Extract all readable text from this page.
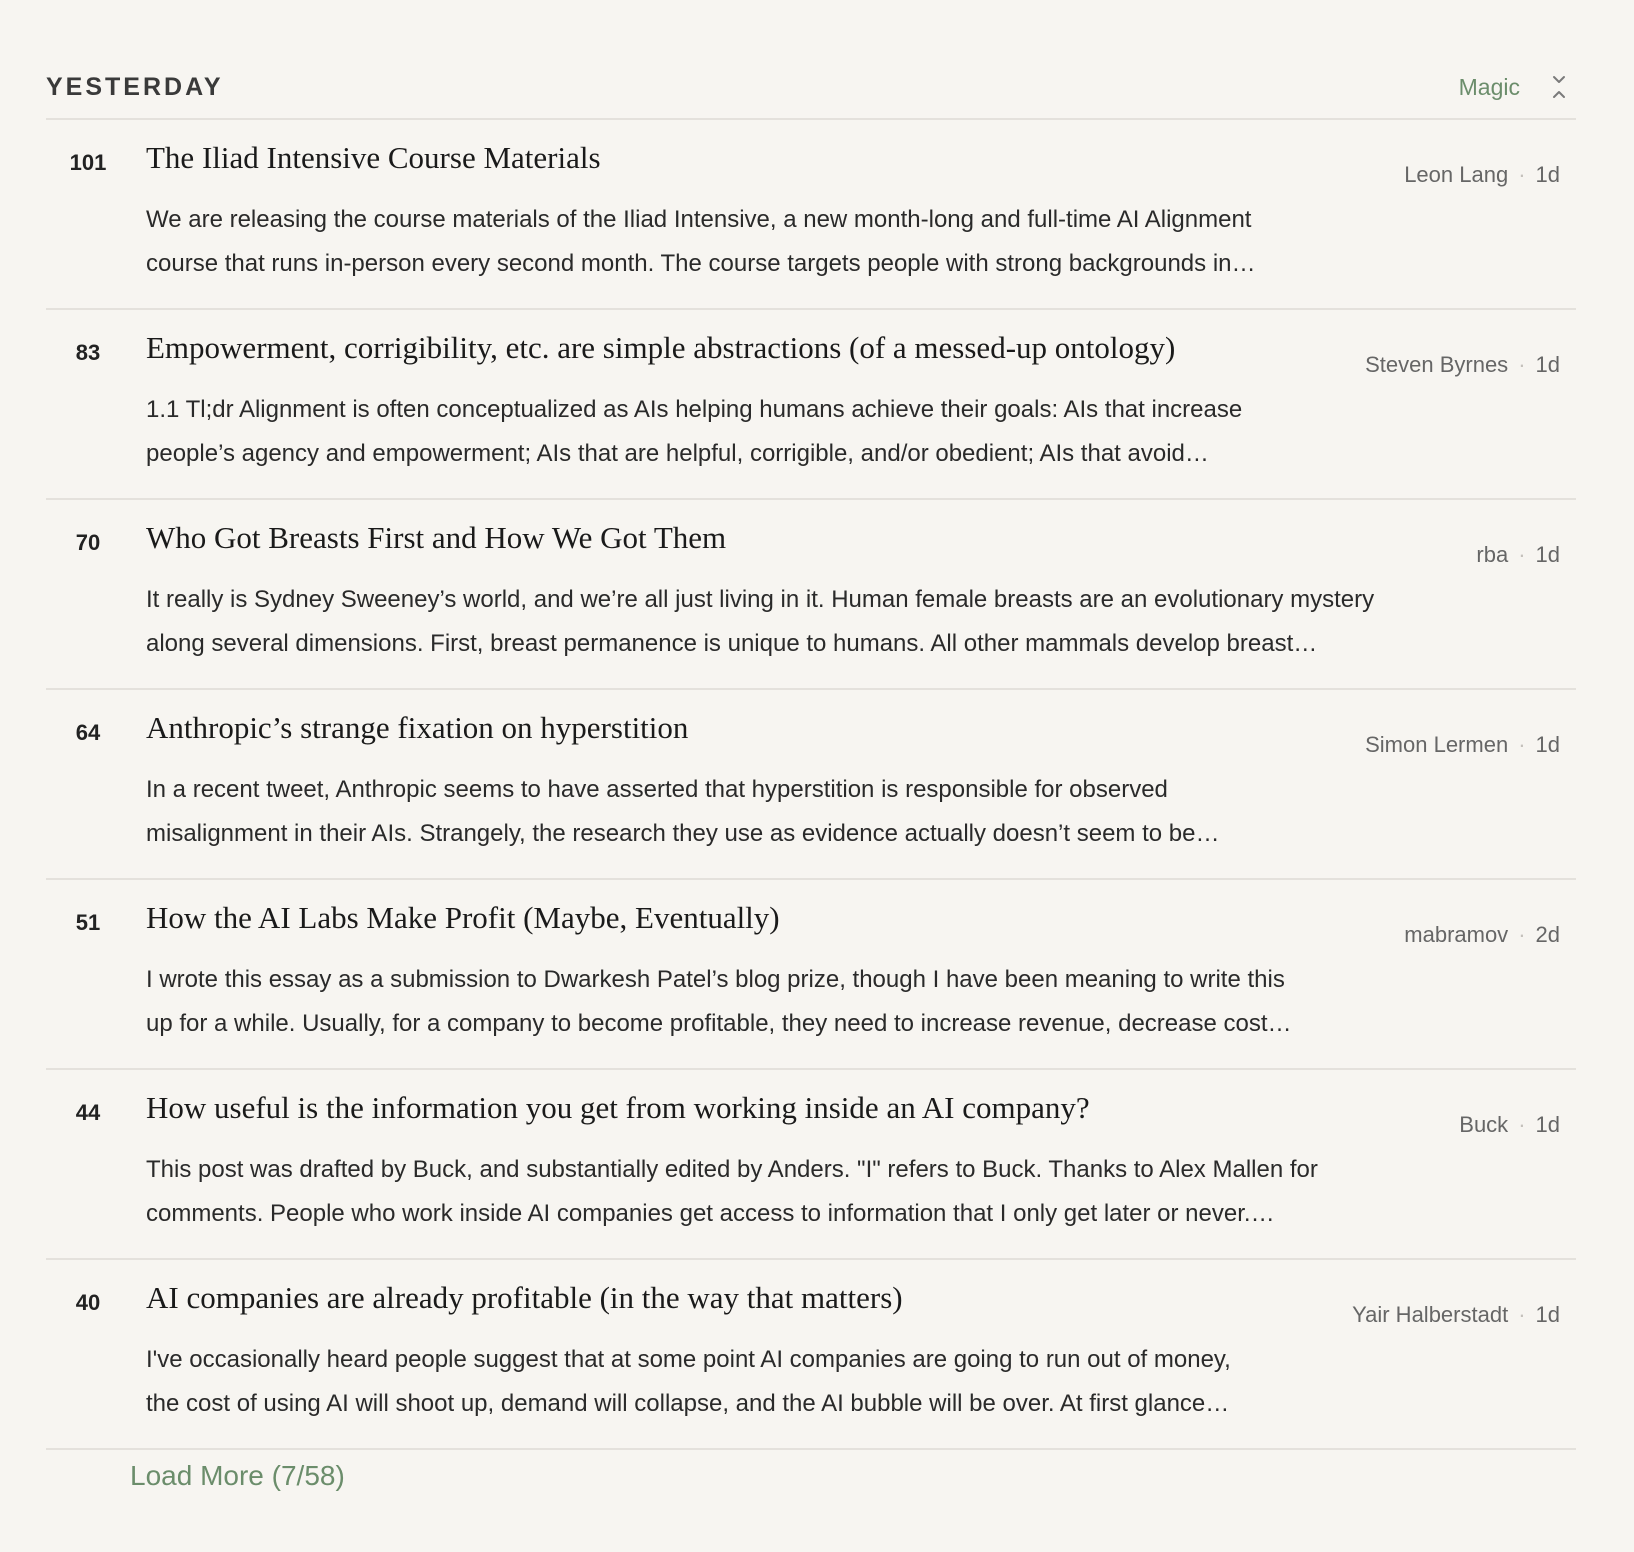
YESTERDAY	Magic
101	The Iliad Intensive Course Materials	Leon Lang · 1d
We are releasing the course materials of the Iliad Intensive, a new month-long and full-time AI Alignment
course that runs in-person every second month. The course targets people with strong backgrounds in…
83	Empowerment, corrigibility, etc. are simple abstractions (of a messed-up ontology)	Steven Byrnes · 1d
1.1 Tl;dr Alignment is often conceptualized as AIs helping humans achieve their goals: AIs that increase
people’s agency and empowerment; AIs that are helpful, corrigible, and/or obedient; AIs that avoid…
70	Who Got Breasts First and How We Got Them	rba · 1d
It really is Sydney Sweeney’s world, and we’re all just living in it. Human female breasts are an evolutionary mystery
along several dimensions. First, breast permanence is unique to humans. All other mammals develop breast…
64	Anthropic’s strange fixation on hyperstition	Simon Lermen · 1d
In a recent tweet, Anthropic seems to have asserted that hyperstition is responsible for observed
misalignment in their AIs. Strangely, the research they use as evidence actually doesn’t seem to be…
51	How the AI Labs Make Profit (Maybe, Eventually)	mabramov · 2d
I wrote this essay as a submission to Dwarkesh Patel’s blog prize, though I have been meaning to write this
up for a while. Usually, for a company to become profitable, they need to increase revenue, decrease cost…
44	How useful is the information you get from working inside an AI company?	Buck · 1d
This post was drafted by Buck, and substantially edited by Anders. "I" refers to Buck. Thanks to Alex Mallen for
comments. People who work inside AI companies get access to information that I only get later or never.…
40	AI companies are already profitable (in the way that matters)	Yair Halberstadt · 1d
I've occasionally heard people suggest that at some point AI companies are going to run out of money,
the cost of using AI will shoot up, demand will collapse, and the AI bubble will be over. At first glance…
Load More (7/58)
